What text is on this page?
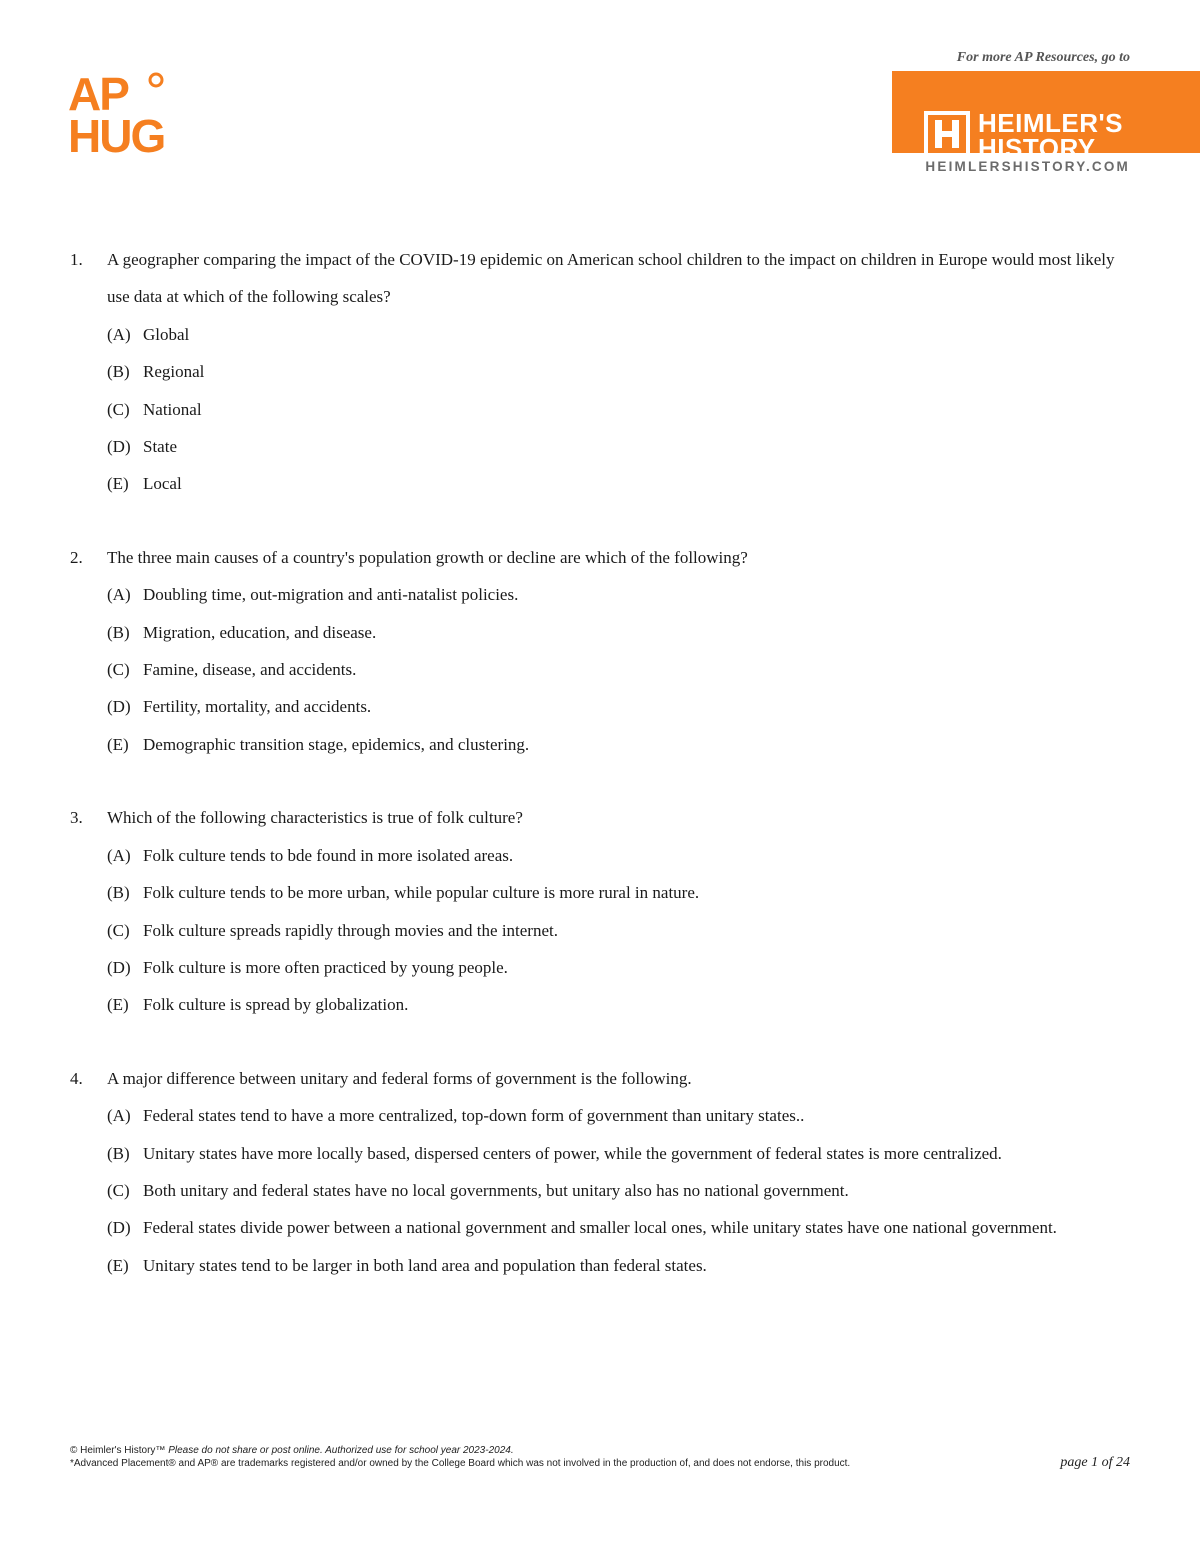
AP
HUG
For more AP Resources, go to
HEIMLER'S
HISTORY
HEIMLERSHISTORY.COM

1. A geographer comparing the impact of the COVID-19 epidemic on American school children to the impact on children in Europe would most likely use data at which of the following scales?

(A) Global
(B) Regional
(C) National
(D) State
(E) Local

2. The three main causes of a country's population growth or decline are which of the following?

(A) Doubling time, out-migration and anti-natalist policies.
(B) Migration, education, and disease.
(C) Famine, disease, and accidents.
(D) Fertility, mortality, and accidents.
(E) Demographic transition stage, epidemics, and clustering.

3. Which of the following characteristics is true of folk culture?

(A) Folk culture tends to bde found in more isolated areas.
(B) Folk culture tends to be more urban, while popular culture is more rural in nature.
(C) Folk culture spreads rapidly through movies and the internet.
(D) Folk culture is more often practiced by young people.
(E) Folk culture is spread by globalization.

4. A major difference between unitary and federal forms of government is the following.

(A) Federal states tend to have a more centralized, top-down form of government than unitary states..
(B) Unitary states have more locally based, dispersed centers of power, while the government of federal states is more centralized.
(C) Both unitary and federal states have no local governments, but unitary also has no national government.
(D) Federal states divide power between a national government and smaller local ones, while unitary states have one national government.
(E) Unitary states tend to be larger in both land area and population than federal states.
© Heimler's History™ Please do not share or post online. Authorized use for school year 2023-2024.
*Advanced Placement® and AP® are trademarks registered and/or owned by the College Board which was not involved in the production of, and does not endorse, this product.	page 1 of 24
